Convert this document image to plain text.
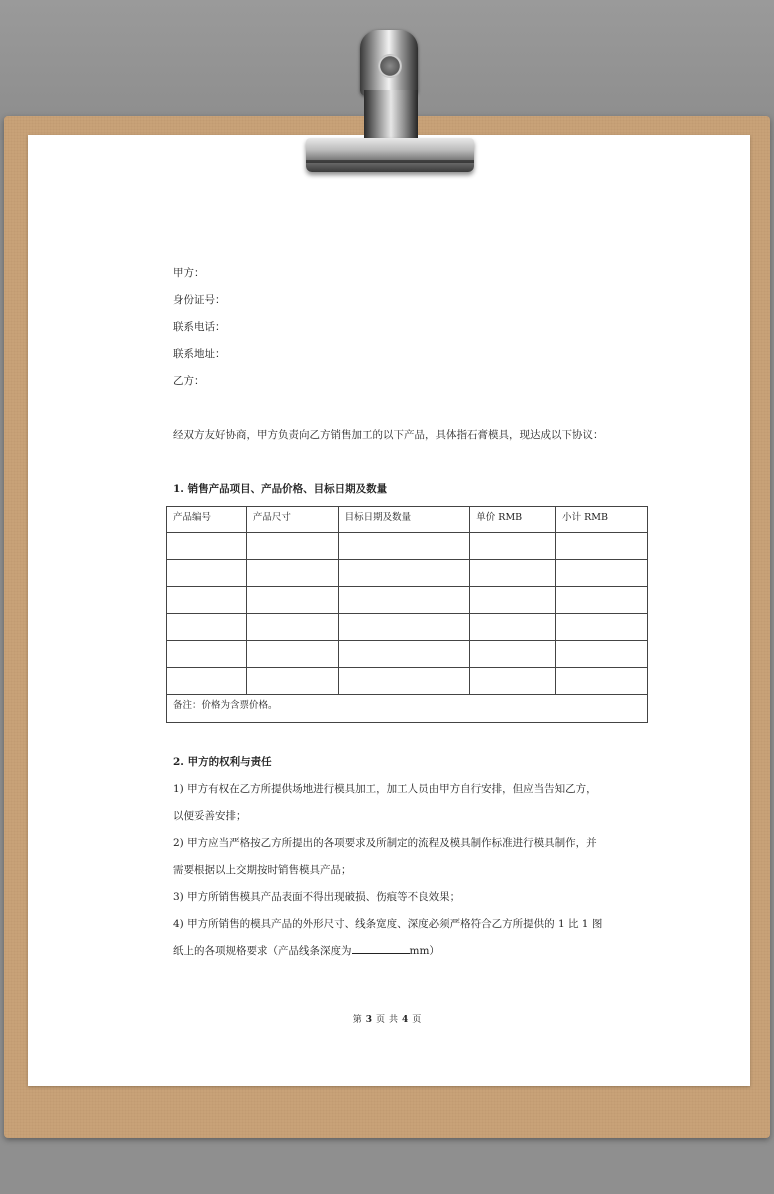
甲方：
身份证号：
联系电话：
联系地址：
乙方：
经双方友好协商，甲方负责向乙方销售加工的以下产品，具体指石膏模具，现达成以下协议：
1. 销售产品项目、产品价格、目标日期及数量
产品编号	产品尺寸	目标日期及数量	单价 RMB	小计 RMB

备注：价格为含票价格。				
2. 甲方的权利与责任
1) 甲方有权在乙方所提供场地进行模具加工，加工人员由甲方自行安排，但应当告知乙方，
以便妥善安排；
2) 甲方应当严格按乙方所提出的各项要求及所制定的流程及模具制作标准进行模具制作，并
需要根据以上交期按时销售模具产品；
3) 甲方所销售模具产品表面不得出现破损、伤痕等不良效果；
4) 甲方所销售的模具产品的外形尺寸、线条宽度、深度必须严格符合乙方所提供的 1 比 1 图
纸上的各项规格要求（产品线条深度为	mm）
第 3 页 共 4 页
